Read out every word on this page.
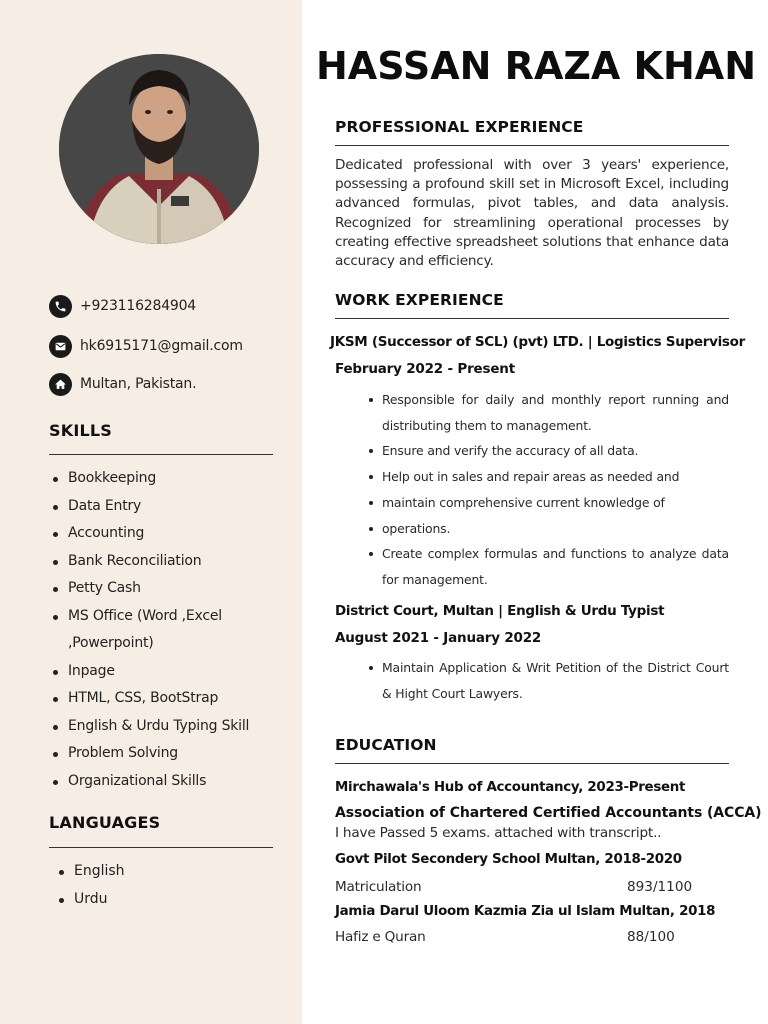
+923116284904
hk6915171@gmail.com
Multan, Pakistan.
SKILLS
Bookkeeping
Data Entry
Accounting
Bank Reconciliation
Petty Cash
MS Office (Word ,Excel
,Powerpoint)
Inpage
HTML, CSS, BootStrap
English & Urdu Typing Skill
Problem Solving
Organizational Skills
LANGUAGES
English
Urdu
HASSAN RAZA KHAN
PROFESSIONAL EXPERIENCE

Dedicated professional with over 3 years' experience, possessing a profound skill set in Microsoft Excel, including advanced formulas, pivot tables, and data analysis. Recognized for streamlining operational processes by creating effective spreadsheet solutions that enhance data accuracy and efficiency.

WORK EXPERIENCE
JKSM (Successor of SCL) (pvt) LTD. | Logistics Supervisor
February 2022 - Present
Responsible for daily and monthly report running and distributing them to management.
Ensure and verify the accuracy of all data.
Help out in sales and repair areas as needed and
maintain comprehensive current knowledge of
operations.
Create complex formulas and functions to analyze data for management.
District Court, Multan | English & Urdu Typist
August 2021 - January 2022
Maintain Application & Writ Petition of the District Court & Hight Court Lawyers.
EDUCATION
Mirchawala's Hub of Accountancy, 2023-Present
Association of Chartered Certified Accountants (ACCA)
I have Passed 5 exams. attached with transcript..
Govt Pilot Secondery School Multan, 2018-2020
Matriculation	893/1100
Jamia Darul Uloom Kazmia Zia ul Islam Multan, 2018
Hafiz e Quran	88/100
